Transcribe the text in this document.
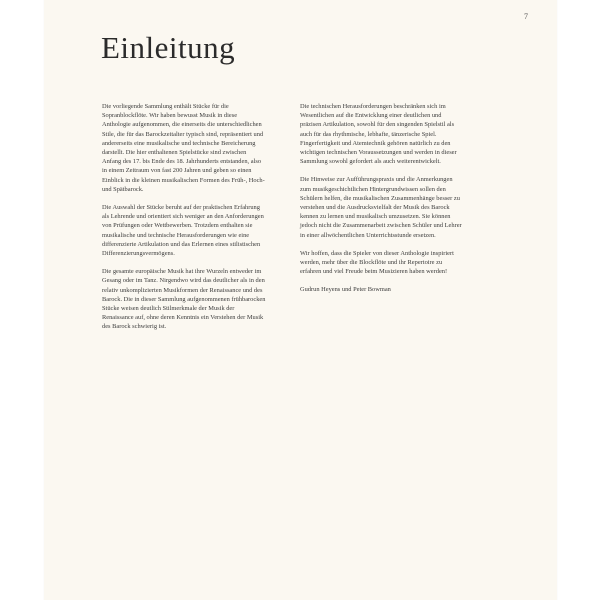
7
Einleitung

Die vorliegende Sammlung enthält Stücke für die Sopranblockflöte. Wir haben bewusst Musik in diese Anthologie aufgenommen, die einerseits die unterschiedlichen Stile, die für das Barockzeitalter typisch sind, repräsentiert und andererseits eine musikalische und technische Bereicherung darstellt. Die hier enthaltenen Spielstücke sind zwischen Anfang des 17. bis Ende des 18. Jahrhunderts entstanden, also in einem Zeitraum von fast 200 Jahren und geben so einen Einblick in die kleinen musikalischen Formen des Früh-, Hoch- und Spätbarock.

Die Auswahl der Stücke beruht auf der praktischen Erfahrung als Lehrende und orientiert sich weniger an den Anforderungen von Prüfungen oder Wettbewerben. Trotzdem enthalten sie musikalische und technische Herausforderungen wie eine differenzierte Artikulation und das Erlernen eines stilistischen Differenzierungsvermögens.

Die gesamte europäische Musik hat ihre Wurzeln entweder im Gesang oder im Tanz. Nirgendwo wird das deutlicher als in den relativ unkomplizierten Musikformen der Renaissance und des Barock. Die in dieser Sammlung aufgenommenen frühbarocken Stücke weisen deutlich Stilmerkmale der Musik der Renaissance auf, ohne deren Kenntnis ein Verstehen der Musik des Barock schwierig ist.

Die technischen Herausforderungen beschränken sich im Wesentlichen auf die Entwicklung einer deutlichen und präzisen Artikulation, sowohl für den singenden Spielstil als auch für das rhythmische, lebhafte, tänzerische Spiel. Fingerfertigkeit und Atemtechnik gehören natürlich zu den wichtigen technischen Voraussetzungen und werden in dieser Sammlung sowohl gefordert als auch weiterentwickelt.

Die Hinweise zur Aufführungspraxis und die Anmerkungen zum musikgeschichtlichen Hintergrundwissen sollen den Schülern helfen, die musikalischen Zusammenhänge besser zu verstehen und die Ausdrucksvielfalt der Musik des Barock kennen zu lernen und musikalisch umzusetzen. Sie können jedoch nicht die Zusammenarbeit zwischen Schüler und Lehrer in einer allwöchentlichen Unterrichtsstunde ersetzen.

Wir hoffen, dass die Spieler von dieser Anthologie inspiriert werden, mehr über die Blockflöte und ihr Repertoire zu erfahren und viel Freude beim Musizieren haben werden!

Gudrun Heyens und Peter Bowman
